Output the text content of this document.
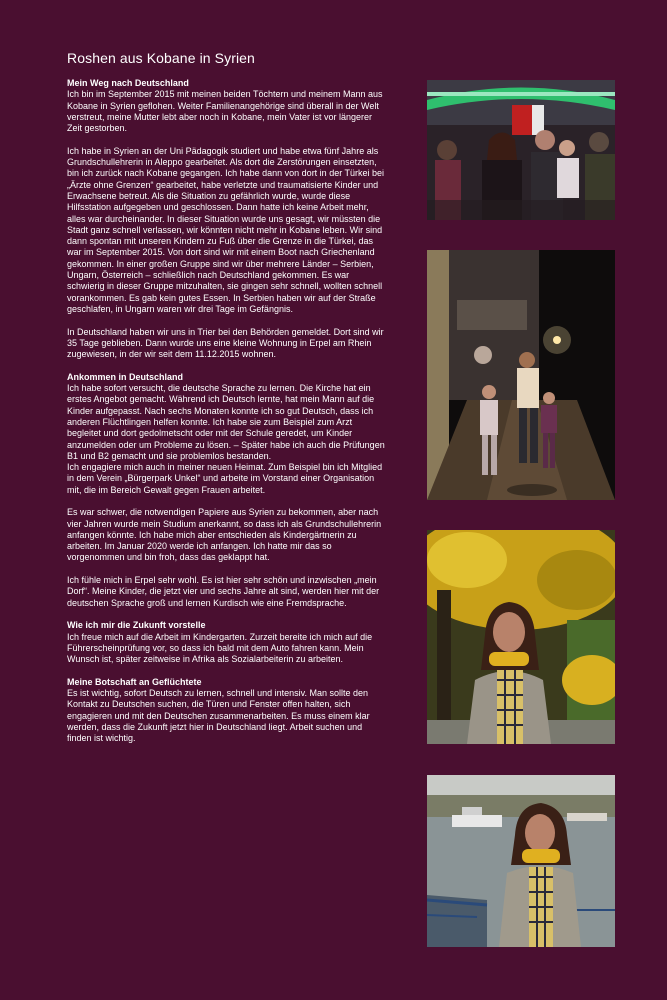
Roshen aus Kobane in Syrien
Mein Weg nach Deutschland

Ich bin im September 2015 mit meinen beiden Töchtern und meinem Mann aus Kobane in Syrien geflohen. Weiter Familienangehörige sind überall in der Welt verstreut, meine Mutter lebt aber noch in Kobane, mein Vater ist vor längerer Zeit gestorben.

Ich habe in Syrien an der Uni Pädagogik studiert und habe etwa fünf Jahre als Grundschullehrerin in Aleppo gearbeitet. Als dort die Zerstörungen einsetzten, bin ich zurück nach Kobane gegangen. Ich habe dann von dort in der Türkei bei „Ärzte ohne Grenzen“ gearbeitet, habe verletzte und traumatisierte Kinder und Erwachsene betreut. Als die Situation zu gefährlich wurde, wurde diese Hilfsstation aufgegeben und geschlossen. Dann hatte ich keine Arbeit mehr, alles war durcheinander. In dieser Situation wurde uns gesagt, wir müssten die Stadt ganz schnell verlassen, wir könnten nicht mehr in Kobane leben. Wir sind dann spontan mit unseren Kindern zu Fuß über die Grenze in die Türkei, das war im September 2015. Von dort sind wir mit einem Boot nach Griechenland gekommen. In einer großen Gruppe sind wir über mehrere Länder – Serbien, Ungarn, Österreich – schließlich nach Deutschland gekommen. Es war schwierig in dieser Gruppe mitzuhalten, sie gingen sehr schnell, wollten schnell vorankommen. Es gab kein gutes Essen. In Serbien haben wir auf der Straße geschlafen, in Ungarn waren wir drei Tage im Gefängnis.

In Deutschland haben wir uns in Trier bei den Behörden gemeldet. Dort sind wir 35 Tage geblieben. Dann wurde uns eine kleine Wohnung in Erpel am Rhein zugewiesen, in der wir seit dem 11.12.2015 wohnen.

Ankommen in Deutschland

Ich habe sofort versucht, die deutsche Sprache zu lernen. Die Kirche hat ein erstes Angebot gemacht. Während ich Deutsch lernte, hat mein Mann auf die Kinder aufgepasst. Nach sechs Monaten konnte ich so gut Deutsch, dass ich anderen Flüchtlingen helfen konnte. Ich habe sie zum Beispiel zum Arzt begleitet und dort gedolmetscht oder mit der Schule geredet, um Kinder anzumelden oder um Probleme zu lösen. – Später habe ich auch die Prüfungen B1 und B2 gemacht und sie problemlos bestanden.

Ich engagiere mich auch in meiner neuen Heimat. Zum Beispiel bin ich Mitglied in dem Verein „Bürgerpark Unkel“ und arbeite im Vorstand einer Organisation mit, die im Bereich Gewalt gegen Frauen arbeitet.

Es war schwer, die notwendigen Papiere aus Syrien zu bekommen, aber nach vier Jahren wurde mein Studium anerkannt, so dass ich als Grundschullehrerin anfangen könnte. Ich habe mich aber entschieden als Kindergärtnerin zu arbeiten. Im Januar 2020 werde ich anfangen. Ich hatte mir das so vorgenommen und bin froh, dass das geklappt hat.

Ich fühle mich in Erpel sehr wohl. Es ist hier sehr schön und inzwischen „mein Dorf“. Meine Kinder, die jetzt vier und sechs Jahre alt sind, werden hier mit der deutschen Sprache groß und lernen Kurdisch wie eine Fremdsprache.

Wie ich mir die Zukunft vorstelle

Ich freue mich auf die Arbeit im Kindergarten. Zurzeit bereite ich mich auf die Führerscheinprüfung vor, so dass ich bald mit dem Auto fahren kann. Mein Wunsch ist, später zeitweise in Afrika als Sozialarbeiterin zu arbeiten.

Meine Botschaft an Geflüchtete

Es ist wichtig, sofort Deutsch zu lernen, schnell und intensiv. Man sollte den Kontakt zu Deutschen suchen, die Türen und Fenster offen halten, sich engagieren und mit den Deutschen zusammenarbeiten. Es muss einem klar werden, dass die Zukunft jetzt hier in Deutschland liegt. Arbeit suchen und finden ist wichtig.
